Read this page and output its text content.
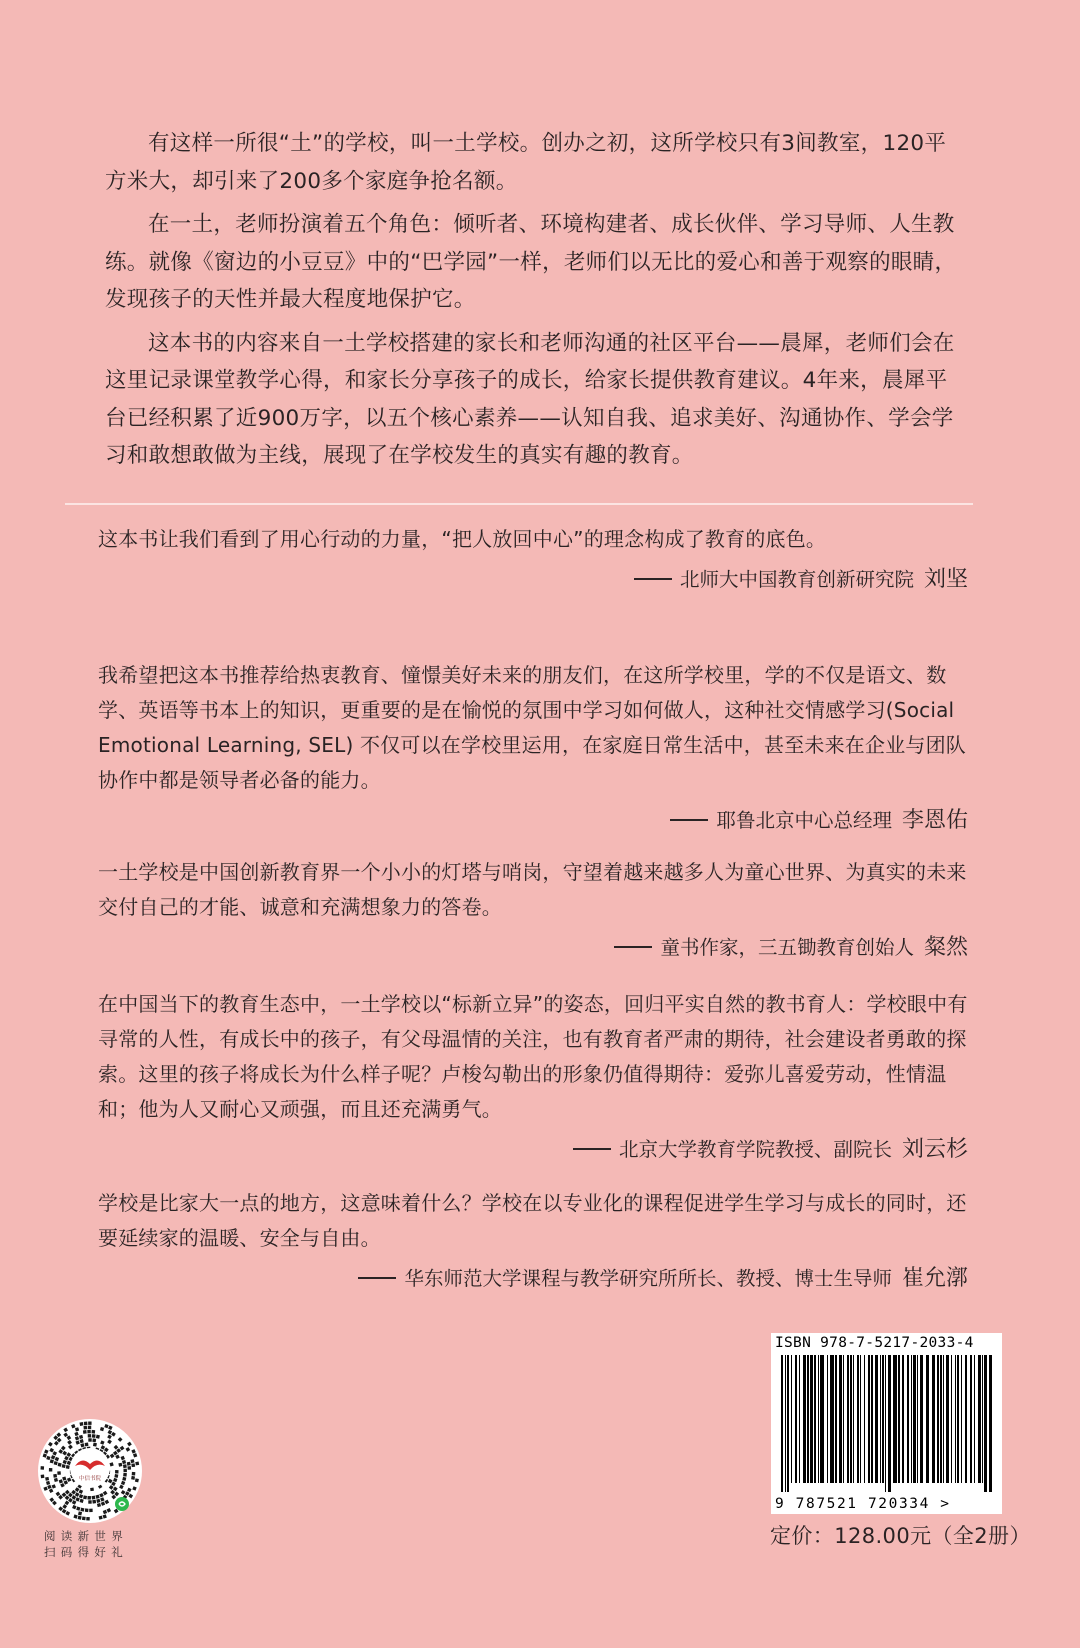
有这样一所很“土”的学校，叫一土学校。创办之初，这所学校只有3间教室，120平方米大，却引来了200多个家庭争抢名额。

在一土，老师扮演着五个角色：倾听者、环境构建者、成长伙伴、学习导师、人生教练。就像《窗边的小豆豆》中的“巴学园”一样，老师们以无比的爱心和善于观察的眼睛，发现孩子的天性并最大程度地保护它。

这本书的内容来自一土学校搭建的家长和老师沟通的社区平台——晨犀，老师们会在这里记录课堂教学心得，和家长分享孩子的成长，给家长提供教育建议。4年来，晨犀平台已经积累了近900万字，以五个核心素养——认知自我、追求美好、沟通协作、学会学习和敢想敢做为主线，展现了在学校发生的真实有趣的教育。

这本书让我们看到了用心行动的力量，“把人放回中心”的理念构成了教育的底色。

北师大中国教育创新研究院 刘坚

我希望把这本书推荐给热衷教育、憧憬美好未来的朋友们，在这所学校里，学的不仅是语文、数学、英语等书本上的知识，更重要的是在愉悦的氛围中学习如何做人，这种社交情感学习(Social Emotional Learning, SEL) 不仅可以在学校里运用，在家庭日常生活中，甚至未来在企业与团队协作中都是领导者必备的能力。

耶鲁北京中心总经理 李恩佑

一土学校是中国创新教育界一个小小的灯塔与哨岗，守望着越来越多人为童心世界、为真实的未来交付自己的才能、诚意和充满想象力的答卷。

童书作家，三五锄教育创始人 粲然

在中国当下的教育生态中，一土学校以“标新立异”的姿态，回归平实自然的教书育人：学校眼中有寻常的人性，有成长中的孩子，有父母温情的关注，也有教育者严肃的期待，社会建设者勇敢的探索。这里的孩子将成长为什么样子呢？卢梭勾勒出的形象仍值得期待：爱弥儿喜爱劳动，性情温和；他为人又耐心又顽强，而且还充满勇气。

北京大学教育学院教授、副院长 刘云杉

学校是比家大一点的地方，这意味着什么？学校在以专业化的课程促进学生学习与成长的同时，还要延续家的温暖、安全与自由。

华东师范大学课程与教学研究所所长、教授、博士生导师 崔允漷
ISBN 978-7-5217-2033-4
9 787521 720334 >
定价：128.00元（全2册）
中信书院
阅读新世界
扫码得好礼
